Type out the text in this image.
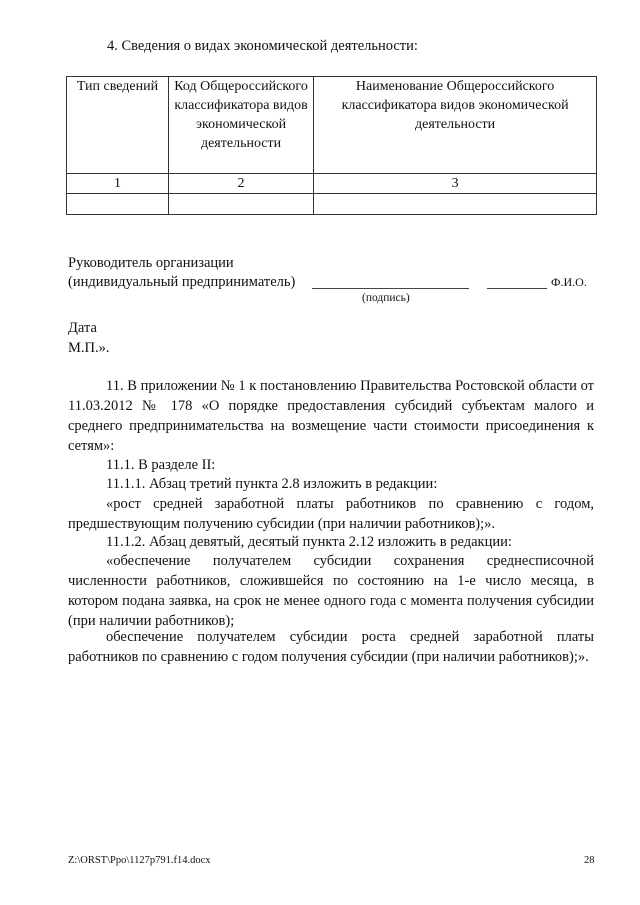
4. Сведения о видах экономической деятельности:
Тип сведений	Код Общероссийского классификатора видов экономической деятельности	Наименование Общероссийского классификатора видов экономической деятельности
1	2	3

Руководитель организации
(индивидуальный предприниматель)	Ф.И.О.
(подпись)
Дата
М.П.».
11. В приложении № 1 к постановлению Правительства Ростовской области от 11.03.2012 № 178 «О порядке предоставления субсидий субъектам малого и среднего предпринимательства на возмещение части стоимости присоединения к сетям»:
11.1. В разделе II:
11.1.1. Абзац третий пункта 2.8 изложить в редакции:
«рост средней заработной платы работников по сравнению с годом, предшествующим получению субсидии (при наличии работников);».
11.1.2. Абзац девятый, десятый пункта 2.12 изложить в редакции:
«обеспечение получателем субсидии сохранения среднесписочной численности работников, сложившейся по состоянию на 1-е число месяца, в котором подана заявка, на срок не менее одного года с момента получения субсидии (при наличии работников);
обеспечение получателем субсидии роста средней заработной платы работников по сравнению с годом получения субсидии (при наличии работников);».
Z:\ORST\Ppo\1127p791.f14.docx	28
